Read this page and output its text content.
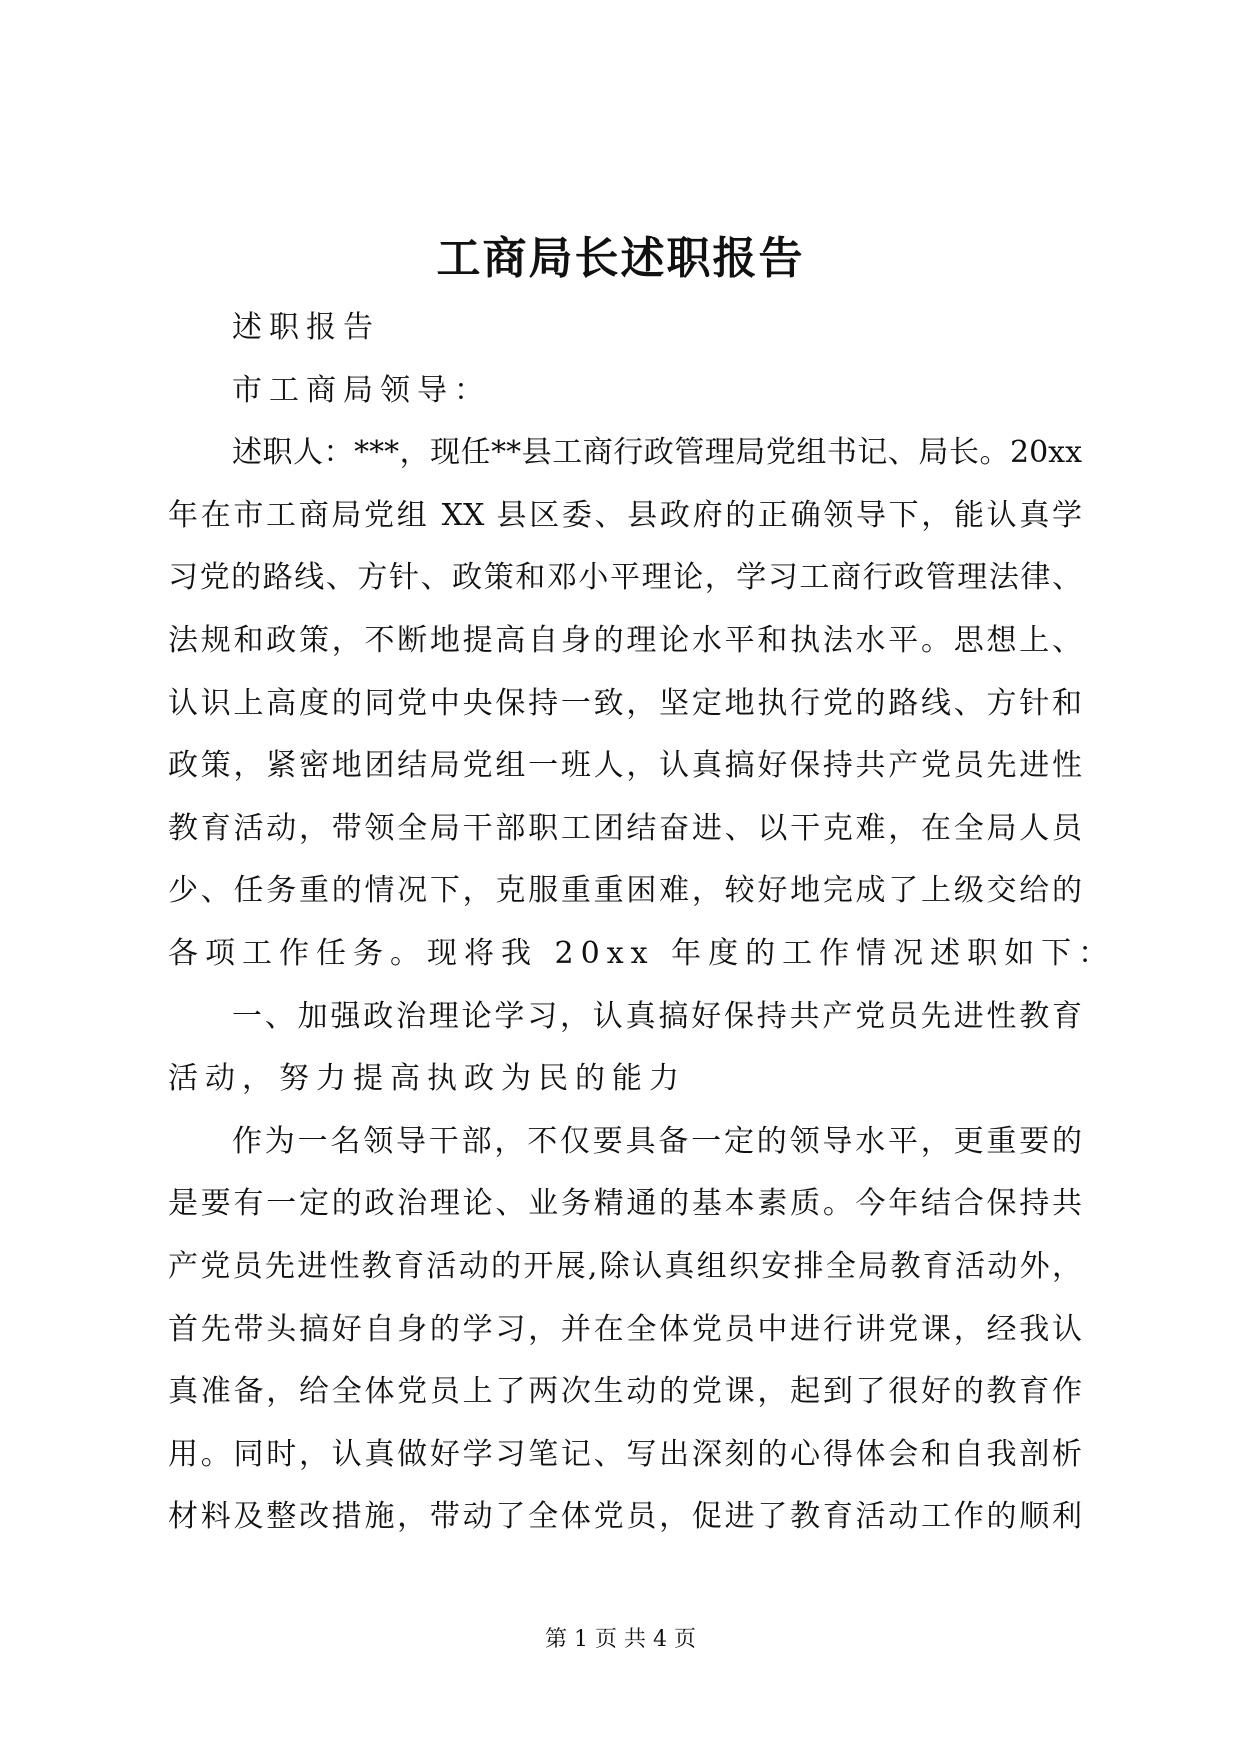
工商局长述职报告
述职报告
市工商局领导：
述职人：***，现任**县工商行政管理局党组书记、局长。20xx
年在市工商局党组 XX 县区委、县政府的正确领导下，能认真学
习党的路线、方针、政策和邓小平理论，学习工商行政管理法律、
法规和政策，不断地提高自身的理论水平和执法水平。思想上、
认识上高度的同党中央保持一致，坚定地执行党的路线、方针和
政策，紧密地团结局党组一班人，认真搞好保持共产党员先进性
教育活动，带领全局干部职工团结奋进、以干克难，在全局人员
少、任务重的情况下，克服重重困难，较好地完成了上级交给的
各项工作任务。现将我 20xx 年度的工作情况述职如下：
一、加强政治理论学习，认真搞好保持共产党员先进性教育
活动，努力提高执政为民的能力
作为一名领导干部，不仅要具备一定的领导水平，更重要的
是要有一定的政治理论、业务精通的基本素质。今年结合保持共
产党员先进性教育活动的开展,除认真组织安排全局教育活动外，
首先带头搞好自身的学习，并在全体党员中进行讲党课，经我认
真准备，给全体党员上了两次生动的党课，起到了很好的教育作
用。同时，认真做好学习笔记、写出深刻的心得体会和自我剖析
材料及整改措施，带动了全体党员，促进了教育活动工作的顺利
第 1 页 共 4 页
